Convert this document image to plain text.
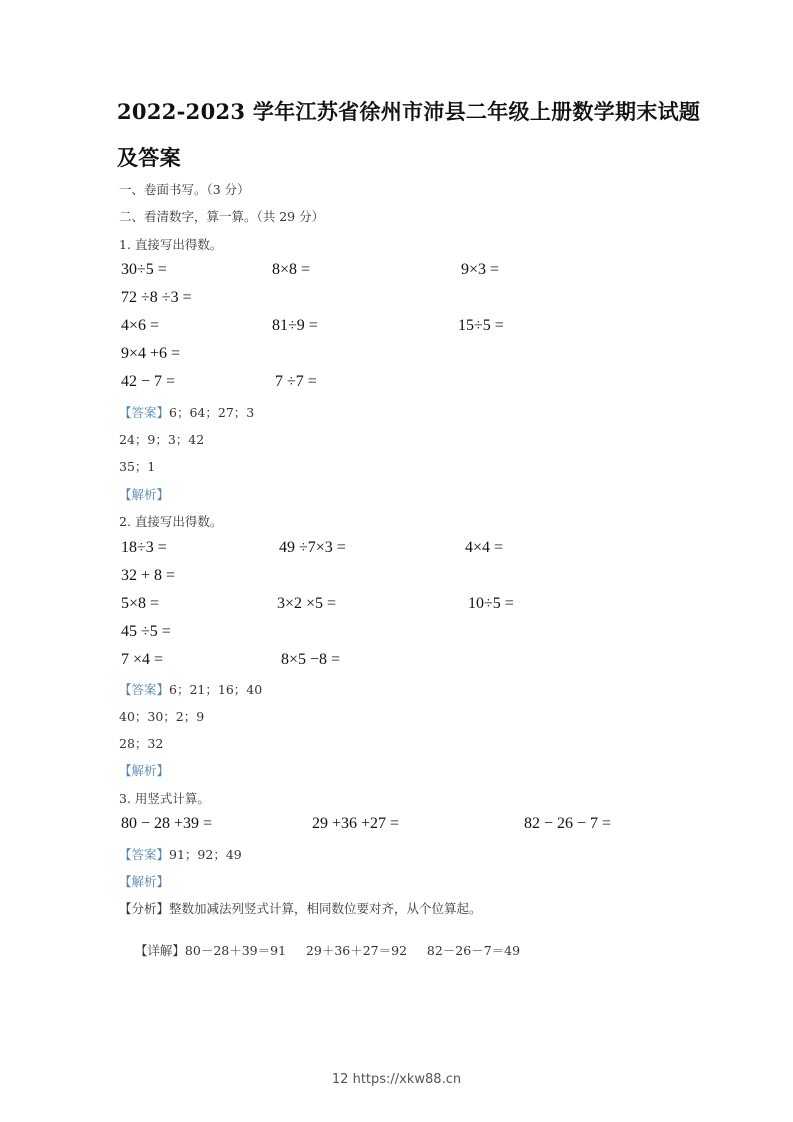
2022-2023 学年江苏省徐州市沛县二年级上册数学期末试题
及答案
一、卷面书写。（3 分）
二、看清数字，算一算。（共 29 分）
1. 直接写出得数。
30÷5 =	8×8 =	9×3 =
72 ÷8 ÷3 =
4×6 =	81÷9 =	15÷5 =
9×4 +6 =
42 − 7 =	7 ÷7 =
【答案】6；64；27；3
24；9；3；42
35；1
【解析】
2. 直接写出得数。
18÷3 =	49 ÷7×3 =	4×4 =
32 + 8 =
5×8 =	3×2 ×5 =	10÷5 =
45 ÷5 =
7 ×4 =	8×5 −8 =
【答案】6；21；16；40
40；30；2；9
28；32
【解析】
3. 用竖式计算。
80 − 28 +39 =	29 +36 +27 =	82 − 26 − 7 =
【答案】91；92；49
【解析】
【分析】整数加减法列竖式计算，相同数位要对齐，从个位算起。

【详解】80－28＋39＝91     29＋36＋27＝92     82－26－7＝49

12 https://xkw88.cn
